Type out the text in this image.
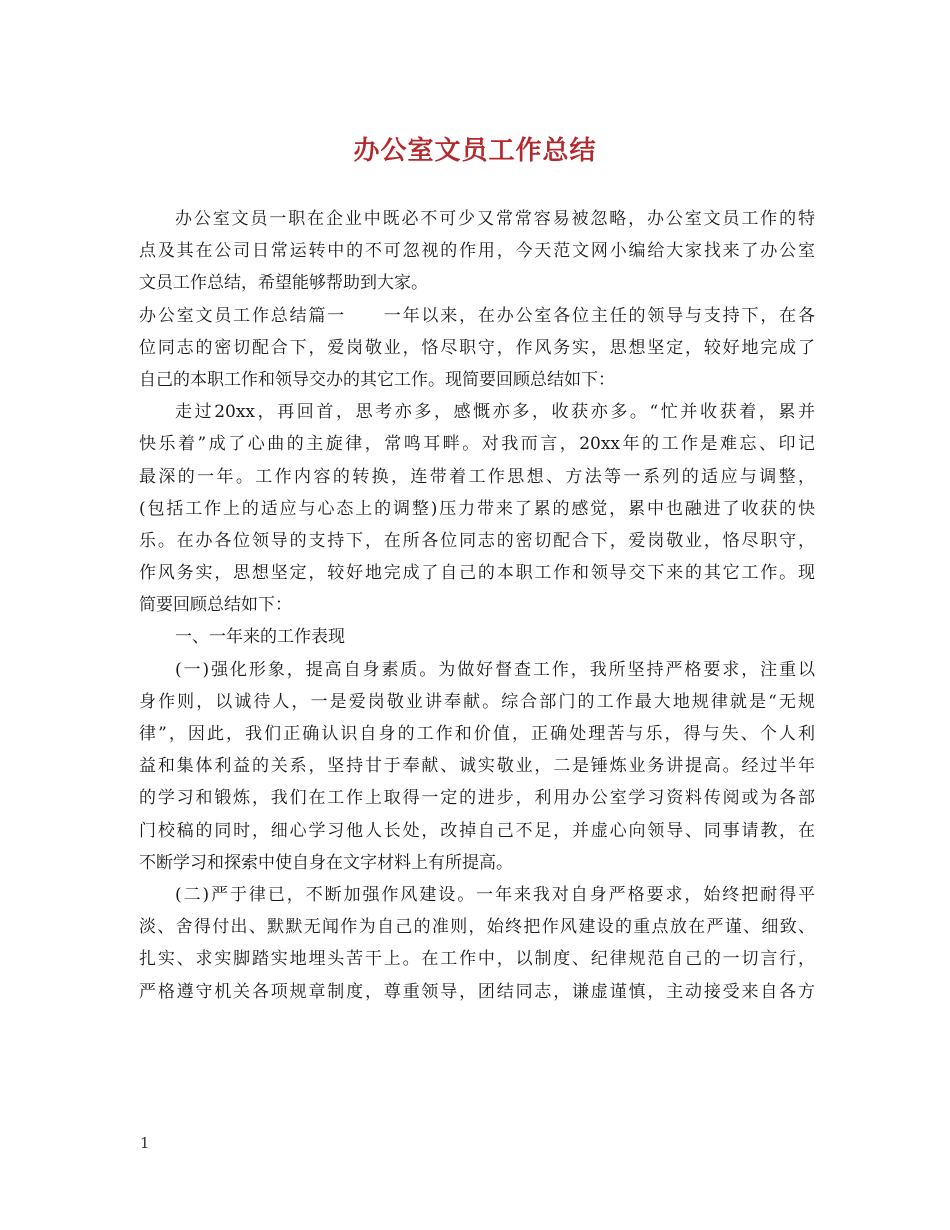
办公室文员工作总结
办公室文员一职在企业中既必不可少又常常容易被忽略，办公室文员工作的特
点及其在公司日常运转中的不可忽视的作用，今天范文网小编给大家找来了办公室
文员工作总结，希望能够帮助到大家。
办公室文员工作总结篇一　　一年以来，在办公室各位主任的领导与支持下，在各
位同志的密切配合下，爱岗敬业，恪尽职守，作风务实，思想坚定，较好地完成了
自己的本职工作和领导交办的其它工作。现简要回顾总结如下：
走过20xx，再回首，思考亦多，感慨亦多，收获亦多。“忙并收获着，累并
快乐着”成了心曲的主旋律，常鸣耳畔。对我而言，20xx年的工作是难忘、印记
最深的一年。工作内容的转换，连带着工作思想、方法等一系列的适应与调整，
(包括工作上的适应与心态上的调整)压力带来了累的感觉，累中也融进了收获的快
乐。在办各位领导的支持下，在所各位同志的密切配合下，爱岗敬业，恪尽职守，
作风务实，思想坚定，较好地完成了自己的本职工作和领导交下来的其它工作。现
简要回顾总结如下：
一、一年来的工作表现
(一)强化形象，提高自身素质。为做好督查工作，我所坚持严格要求，注重以
身作则，以诚待人，一是爱岗敬业讲奉献。综合部门的工作最大地规律就是“无规
律”，因此，我们正确认识自身的工作和价值，正确处理苦与乐，得与失、个人利
益和集体利益的关系，坚持甘于奉献、诚实敬业，二是锤炼业务讲提高。经过半年
的学习和锻炼，我们在工作上取得一定的进步，利用办公室学习资料传阅或为各部
门校稿的同时，细心学习他人长处，改掉自己不足，并虚心向领导、同事请教，在
不断学习和探索中使自身在文字材料上有所提高。
(二)严于律已，不断加强作风建设。一年来我对自身严格要求，始终把耐得平
淡、舍得付出、默默无闻作为自己的准则，始终把作风建设的重点放在严谨、细致、
扎实、求实脚踏实地埋头苦干上。在工作中，以制度、纪律规范自己的一切言行，
严格遵守机关各项规章制度，尊重领导，团结同志，谦虚谨慎，主动接受来自各方
1
